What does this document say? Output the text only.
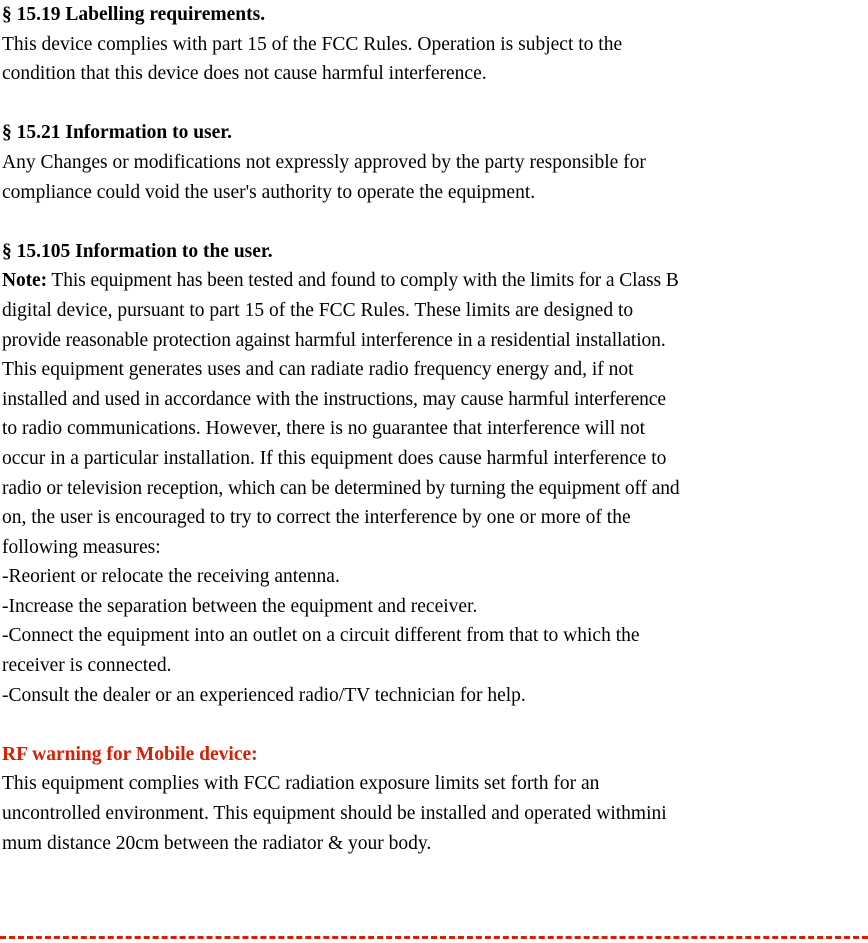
§ 15.19 Labelling requirements.

This device complies with part 15 of the FCC Rules. Operation is subject to the

condition that this device does not cause harmful interference.

§ 15.21 Information to user.

Any Changes or modifications not expressly approved by the party responsible for

compliance could void the user's authority to operate the equipment.

§ 15.105 Information to the user.

Note: This equipment has been tested and found to comply with the limits for a Class B

digital device, pursuant to part 15 of the FCC Rules. These limits are designed to

provide reasonable protection against harmful interference in a residential installation.

This equipment generates uses and can radiate radio frequency energy and, if not

installed and used in accordance with the instructions, may cause harmful interference

to radio communications. However, there is no guarantee that interference will not

occur in a particular installation. If this equipment does cause harmful interference to

radio or television reception, which can be determined by turning the equipment off and

on, the user is encouraged to try to correct the interference by one or more of the

following measures:

-Reorient or relocate the receiving antenna.

-Increase the separation between the equipment and receiver.

-Connect the equipment into an outlet on a circuit different from that to which the

receiver is connected.

-Consult the dealer or an experienced radio/TV technician for help.

RF warning for Mobile device:

This equipment complies with FCC radiation exposure limits set forth for an

uncontrolled environment. This equipment should be installed and operated withmini

mum distance 20cm between the radiator & your body.
